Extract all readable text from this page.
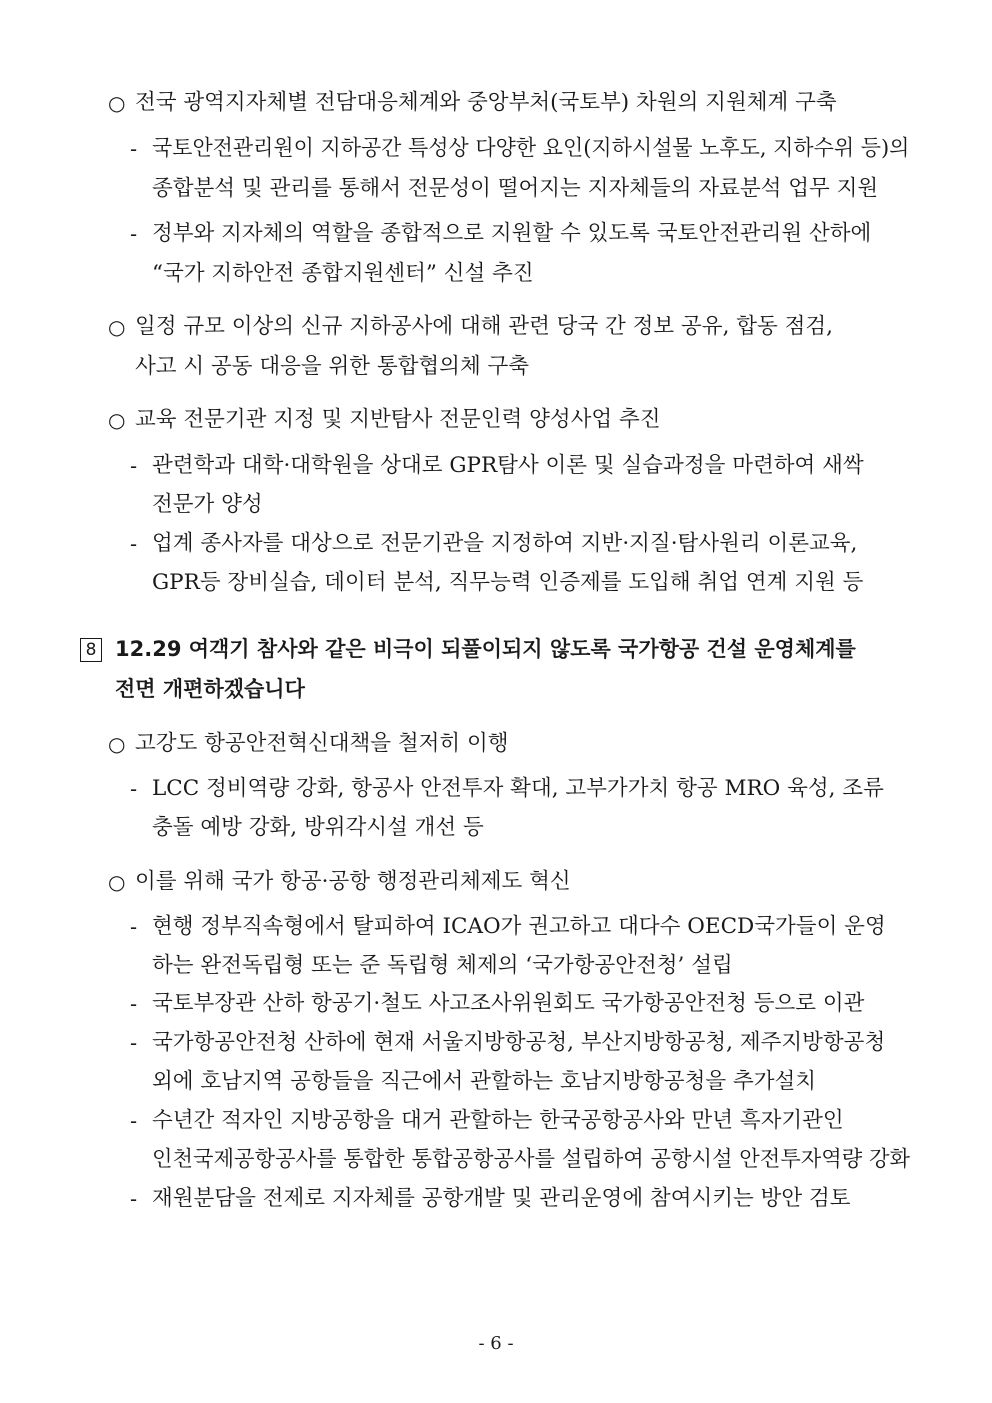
○ 전국 광역지자체별 전담대응체계와 중앙부처(국토부) 차원의 지원체계 구축
- 국토안전관리원이 지하공간 특성상 다양한 요인(지하시설물 노후도, 지하수위 등)의
종합분석 및 관리를 통해서 전문성이 떨어지는 지자체들의 자료분석 업무 지원
- 정부와 지자체의 역할을 종합적으로 지원할 수 있도록 국토안전관리원 산하에
“국가 지하안전 종합지원센터” 신설 추진
○ 일정 규모 이상의 신규 지하공사에 대해 관련 당국 간 정보 공유, 합동 점검,
사고 시 공동 대응을 위한 통합협의체 구축
○ 교육 전문기관 지정 및 지반탐사 전문인력 양성사업 추진
- 관련학과 대학·대학원을 상대로 GPR탐사 이론 및 실습과정을 마련하여 새싹
전문가 양성
- 업계 종사자를 대상으로 전문기관을 지정하여 지반·지질·탐사원리 이론교육,
GPR등 장비실습, 데이터 분석, 직무능력 인증제를 도입해 취업 연계 지원 등
8 12.29 여객기 참사와 같은 비극이 되풀이되지 않도록 국가항공 건설 운영체계를
전면 개편하겠습니다
○ 고강도 항공안전혁신대책을 철저히 이행
- LCC 정비역량 강화, 항공사 안전투자 확대, 고부가가치 항공 MRO 육성, 조류
충돌 예방 강화, 방위각시설 개선 등
○ 이를 위해 국가 항공·공항 행정관리체제도 혁신
- 현행 정부직속형에서 탈피하여 ICAO가 권고하고 대다수 OECD국가들이 운영
하는 완전독립형 또는 준 독립형 체제의 ‘국가항공안전청’ 설립
- 국토부장관 산하 항공기·철도 사고조사위원회도 국가항공안전청 등으로 이관
- 국가항공안전청 산하에 현재 서울지방항공청, 부산지방항공청, 제주지방항공청
외에 호남지역 공항들을 직근에서 관할하는 호남지방항공청을 추가설치
- 수년간 적자인 지방공항을 대거 관할하는 한국공항공사와 만년 흑자기관인
인천국제공항공사를 통합한 통합공항공사를 설립하여 공항시설 안전투자역량 강화
- 재원분담을 전제로 지자체를 공항개발 및 관리운영에 참여시키는 방안 검토
- 6 -
